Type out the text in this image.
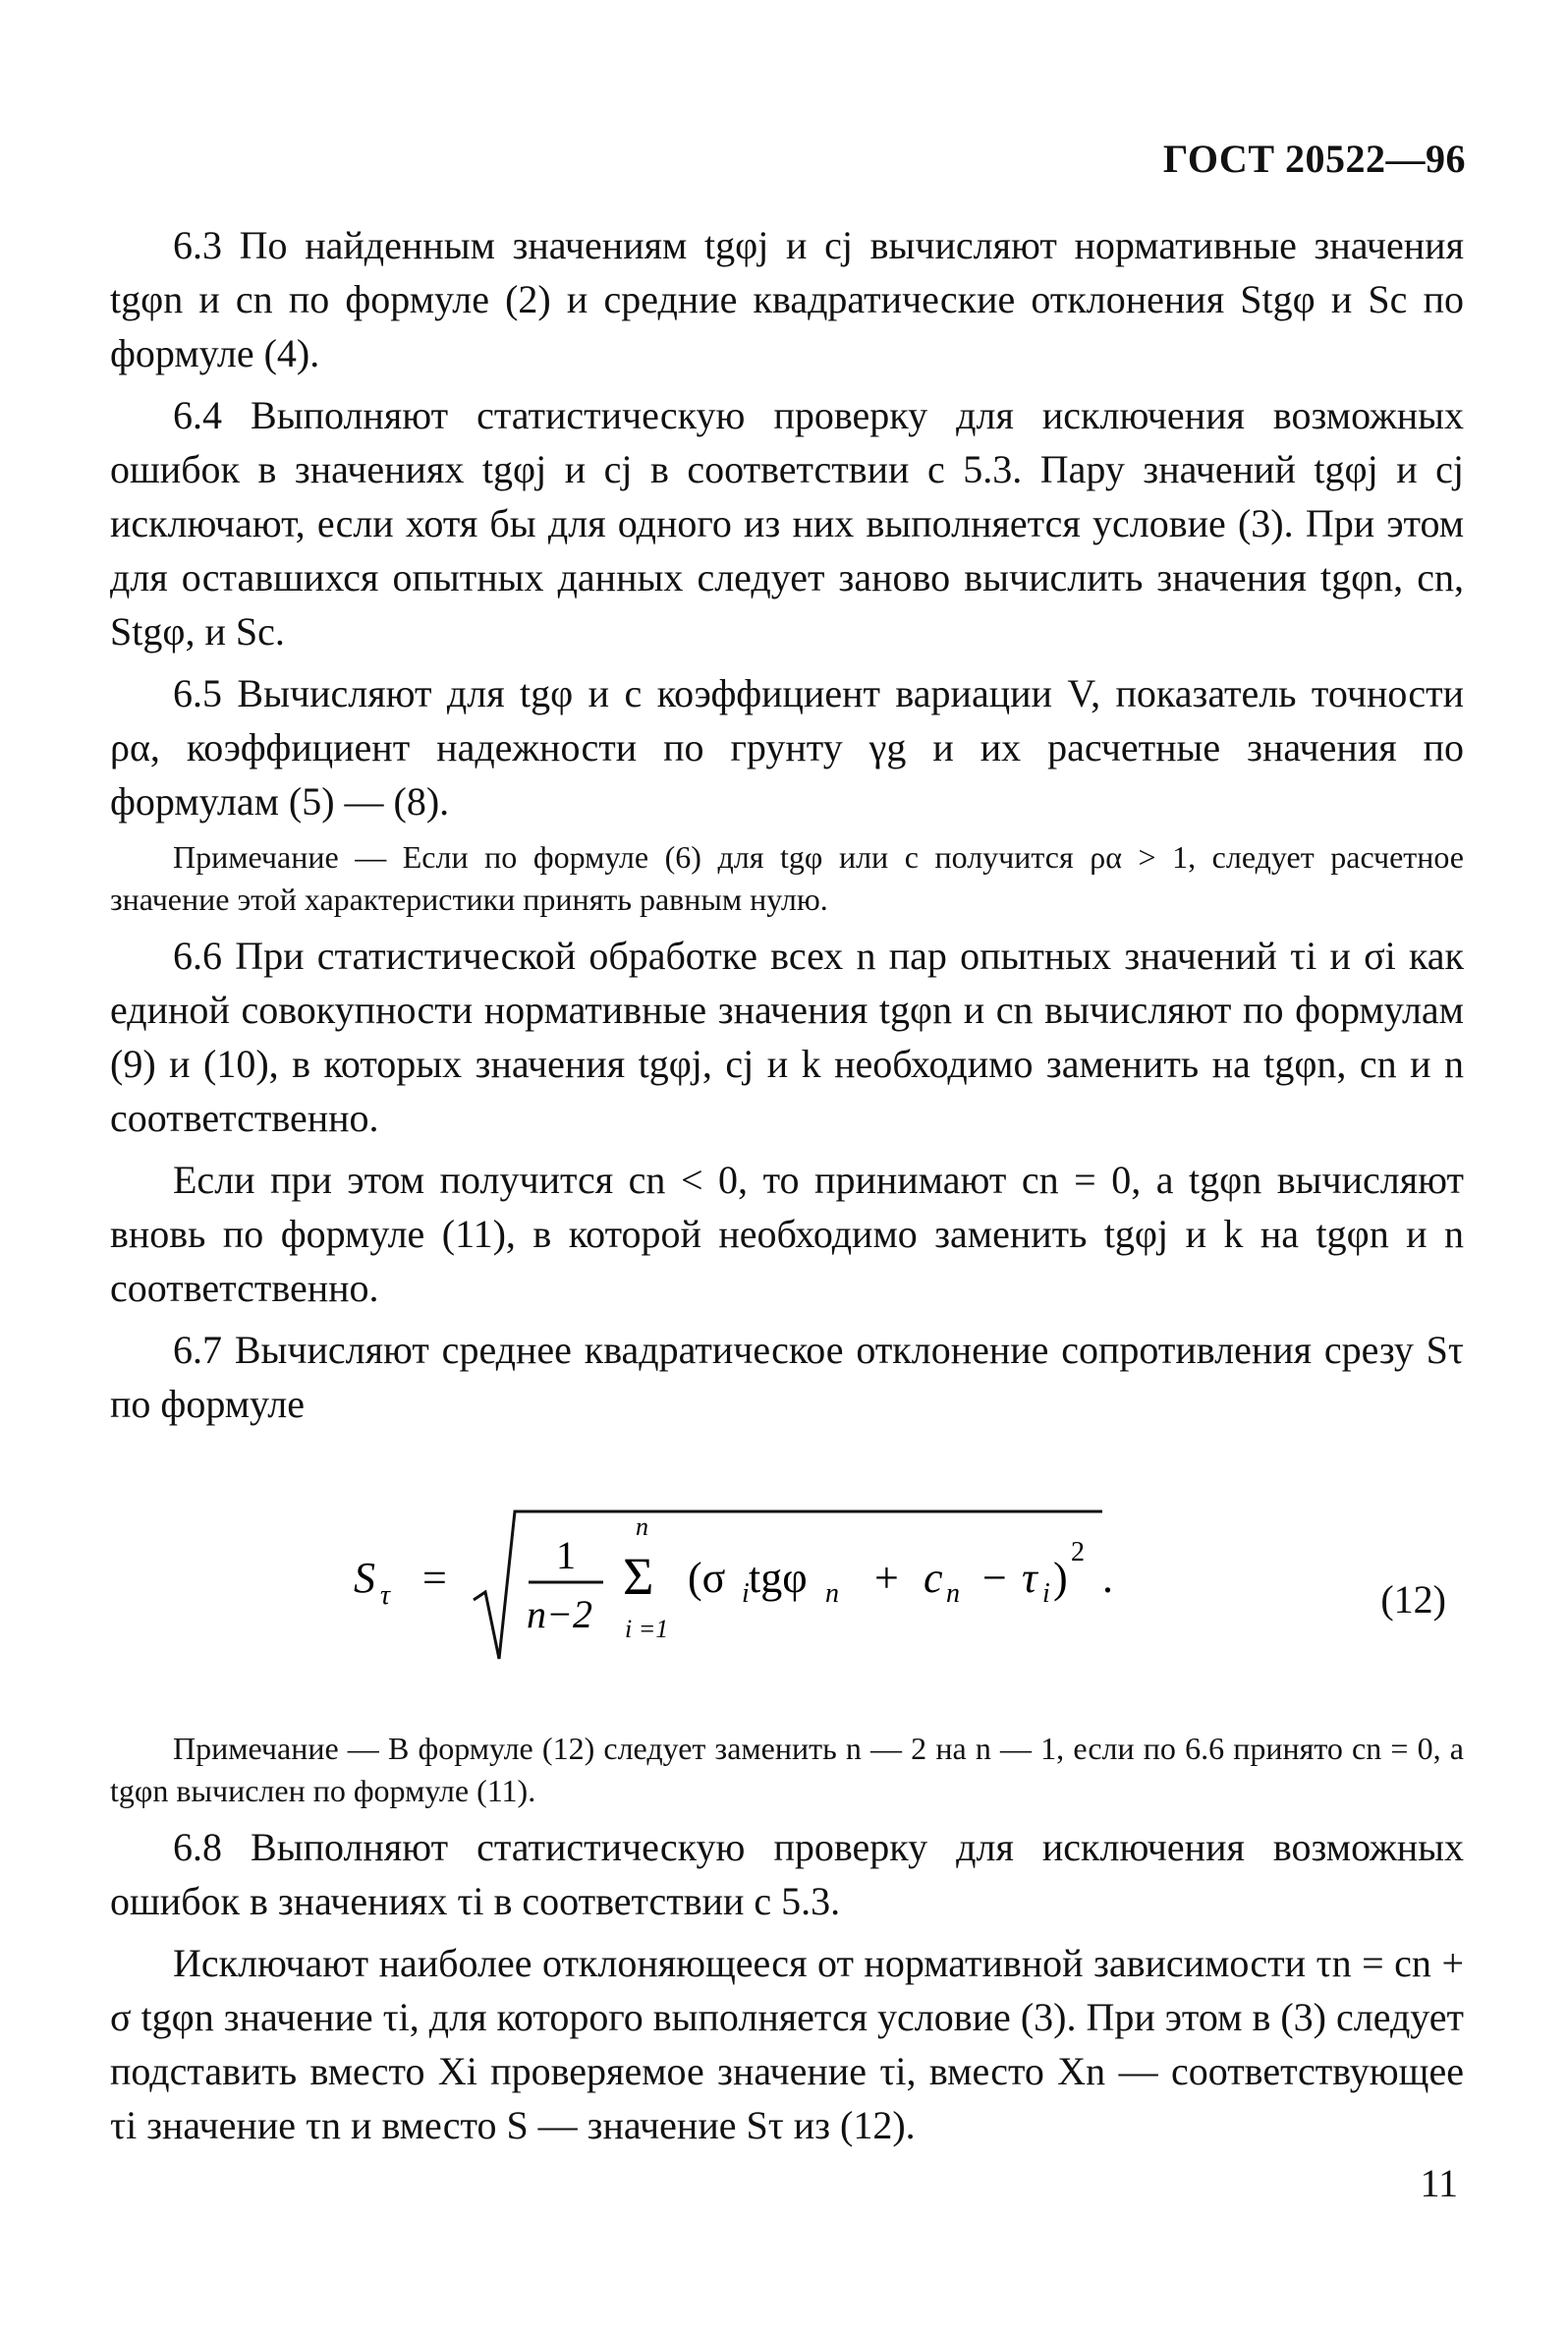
ГОСТ 20522—96

6.3 По найденным значениям tgφj и cj вычисляют нормативные значения tgφn и cn по формуле (2) и средние квадратические отклонения Stgφ и Sc по формуле (4).

6.4 Выполняют статистическую проверку для исключения возможных ошибок в значениях tgφj и cj в соответствии с 5.3. Пару значений tgφj и cj исключают, если хотя бы для одного из них выполняется условие (3). При этом для оставшихся опытных данных следует заново вычислить значения tgφn, cn, Stgφ, и Sc.

6.5 Вычисляют для tgφ и c коэффициент вариации V, показатель точности ρα, коэффициент надежности по грунту γg и их расчетные значения по формулам (5) — (8).

Примечание — Если по формуле (6) для tgφ или c получится ρα > 1, следует расчетное значение этой характеристики принять равным нулю.

6.6 При статистической обработке всех n пар опытных значений τi и σi как единой совокупности нормативные значения tgφn и cn вычисляют по формулам (9) и (10), в которых значения tgφj, cj и k необходимо заменить на tgφn, cn и n соответственно.

Если при этом получится cn < 0, то принимают cn = 0, а tgφn вычисляют вновь по формуле (11), в которой необходимо заменить tgφj и k на tgφn и n соответственно.

6.7 Вычисляют среднее квадратическое отклонение сопротивления срезу Sτ по формуле

S τ =	1
n−2
n
Σ
i =1
(σ i tgφ n + c n − τ i )
2
.	(12)

Примечание — В формуле (12) следует заменить n — 2 на n — 1, если по 6.6 принято cn = 0, а tgφn вычислен по формуле (11).

6.8 Выполняют статистическую проверку для исключения возможных ошибок в значениях τi в соответствии с 5.3.

Исключают наиболее отклоняющееся от нормативной зависимости τn = cn + σ tgφn значение τi, для которого выполняется условие (3). При этом в (3) следует подставить вместо Xi проверяемое значение τi, вместо Xn — соответствующее τi значение τn и вместо S — значение Sτ из (12).

11
